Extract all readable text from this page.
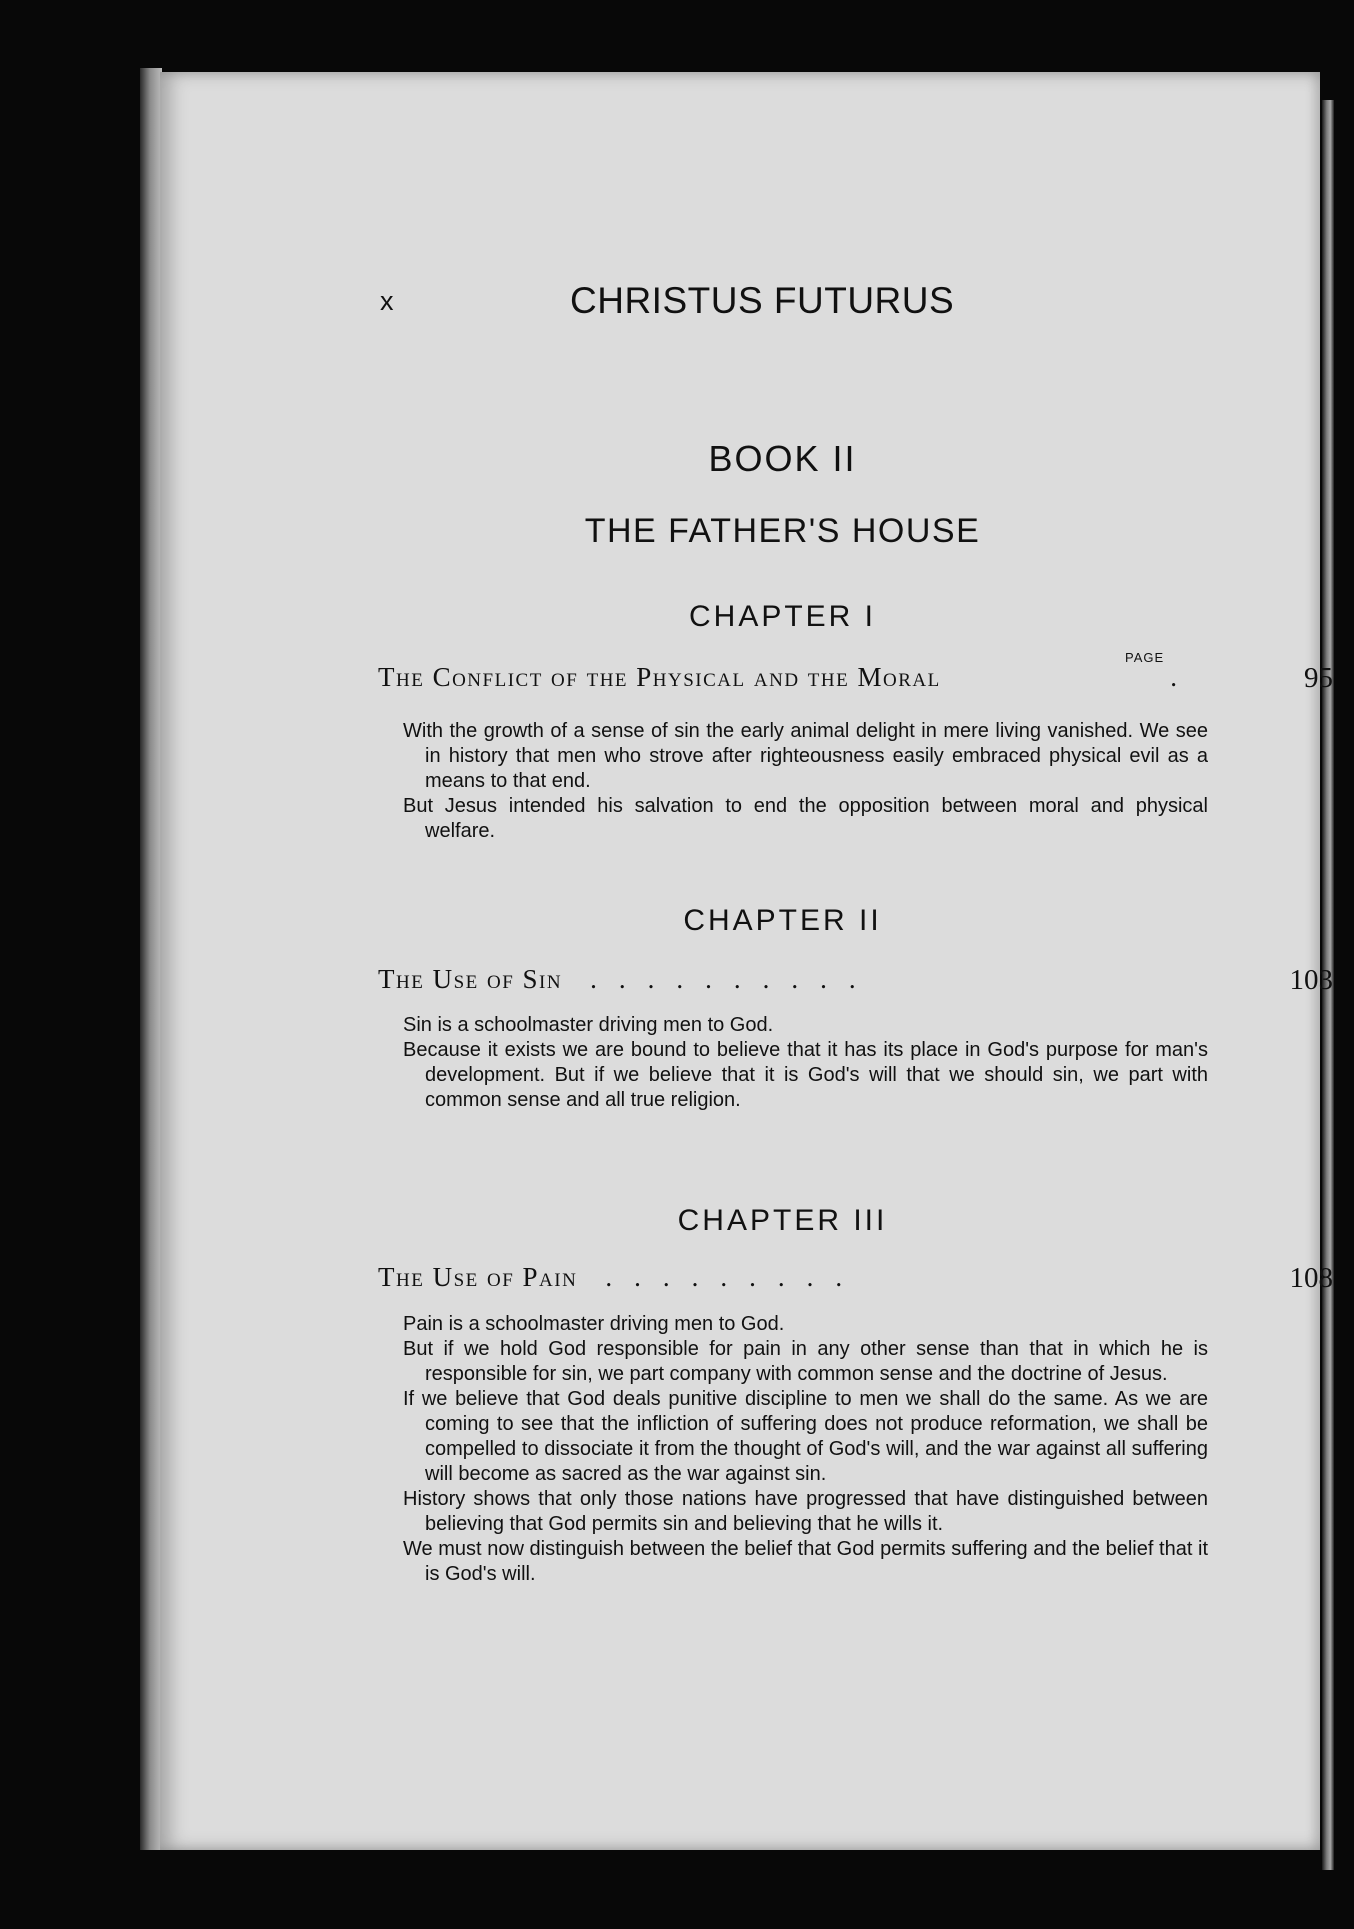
x	CHRISTUS FUTURUS
BOOK II
THE FATHER'S HOUSE
PAGE
CHAPTER I
The Conflict of the Physical and the Moral	.	95

With the growth of a sense of sin the early animal delight in mere living vanished. We see in history that men who strove after righteousness easily embraced physical evil as a means to that end.

But Jesus intended his salvation to end the opposition between moral and physical welfare.

CHAPTER II
The Use of Sin	..........	103

Sin is a schoolmaster driving men to God.

Because it exists we are bound to believe that it has its place in God's purpose for man's development. But if we believe that it is God's will that we should sin, we part with common sense and all true religion.

CHAPTER III
The Use of Pain	.........	108

Pain is a schoolmaster driving men to God.

But if we hold God responsible for pain in any other sense than that in which he is responsible for sin, we part company with common sense and the doctrine of Jesus.

If we believe that God deals punitive discipline to men we shall do the same. As we are coming to see that the infliction of suffering does not produce reformation, we shall be compelled to dissociate it from the thought of God's will, and the war against all suffering will become as sacred as the war against sin.

History shows that only those nations have progressed that have distinguished between believing that God permits sin and believing that he wills it.

We must now distinguish between the belief that God permits suffering and the belief that it is God's will.
